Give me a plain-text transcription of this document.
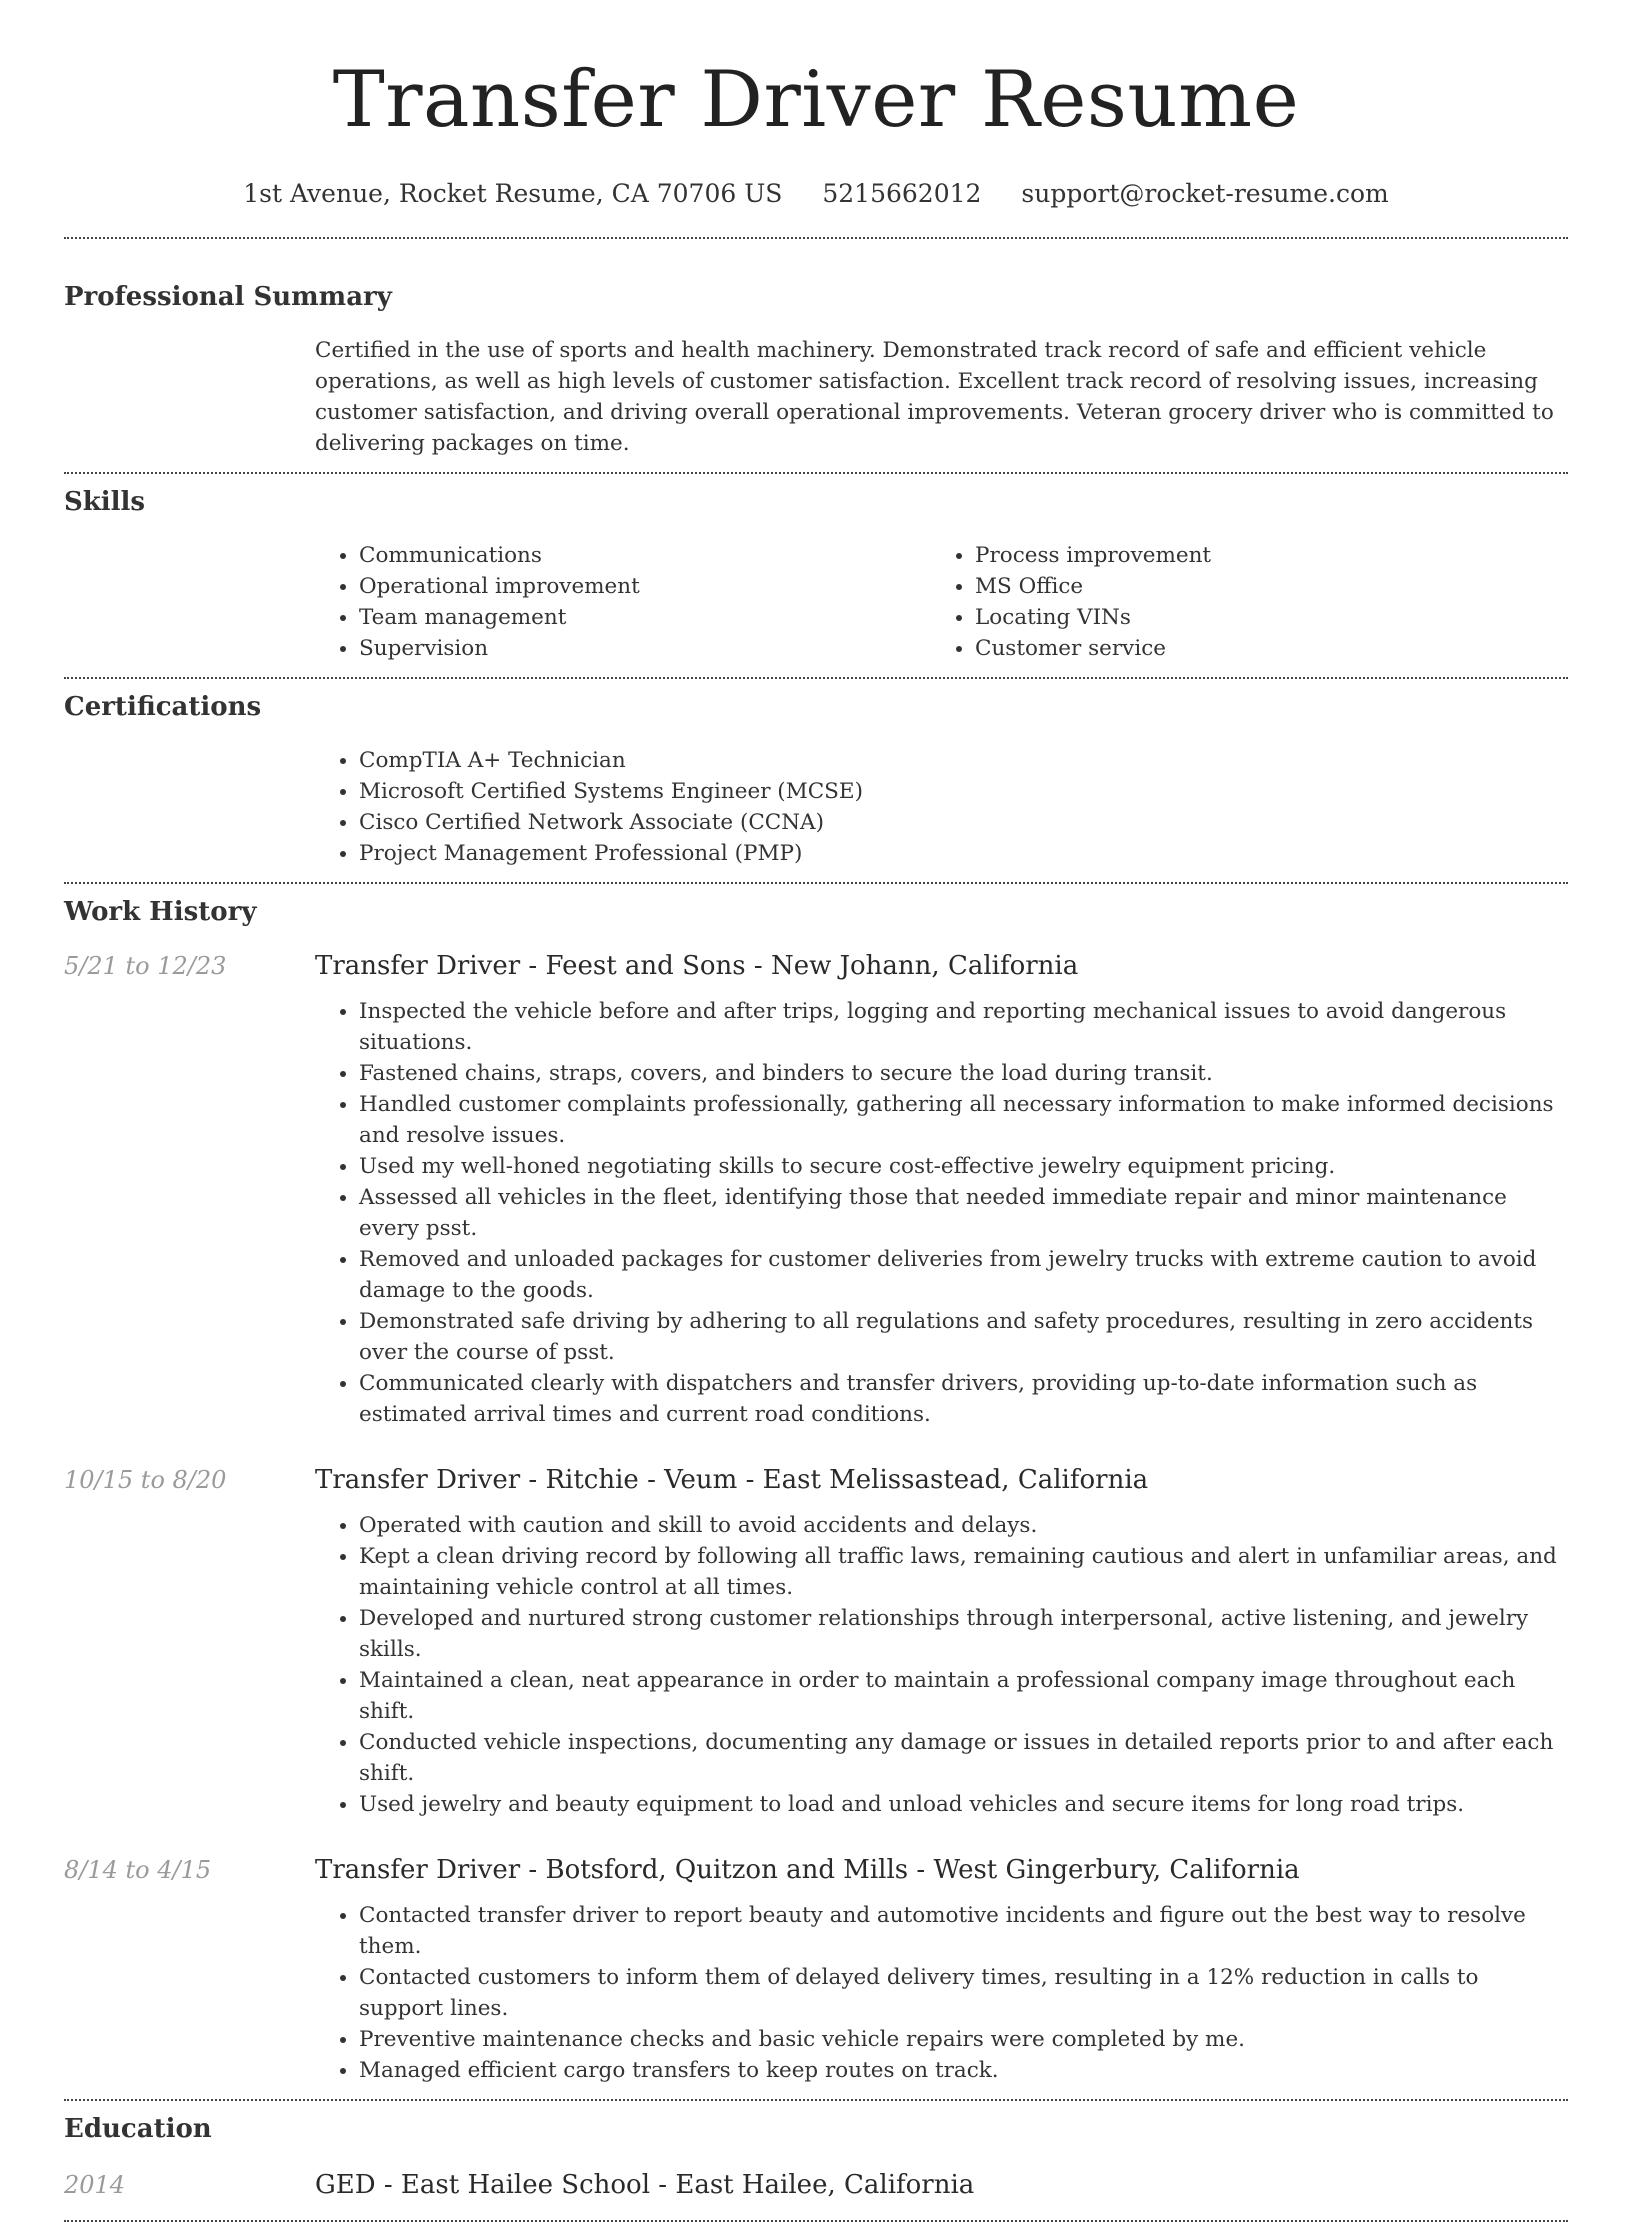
Transfer Driver Resume
1st Avenue, Rocket Resume, CA 70706 US 5215662012 support@rocket-resume.com
Professional Summary

Certified in the use of sports and health machinery. Demonstrated track record of safe and efficient vehicle operations, as well as high levels of customer satisfaction. Excellent track record of resolving issues, increasing customer satisfaction, and driving overall operational improvements. Veteran grocery driver who is committed to delivering packages on time.

Skills
• Communications
• Operational improvement
• Team management
• Supervision
• Process improvement
• MS Office
• Locating VINs
• Customer service
Certifications
• CompTIA A+ Technician
• Microsoft Certified Systems Engineer (MCSE)
• Cisco Certified Network Associate (CCNA)
• Project Management Professional (PMP)
Work History
5/21 to 12/23	Transfer Driver - Feest and Sons - New Johann, California
• Inspected the vehicle before and after trips, logging and reporting mechanical issues to avoid dangerous situations.
• Fastened chains, straps, covers, and binders to secure the load during transit.
• Handled customer complaints professionally, gathering all necessary information to make informed decisions and resolve issues.
• Used my well-honed negotiating skills to secure cost-effective jewelry equipment pricing.
• Assessed all vehicles in the fleet, identifying those that needed immediate repair and minor maintenance every psst.
• Removed and unloaded packages for customer deliveries from jewelry trucks with extreme caution to avoid damage to the goods.
• Demonstrated safe driving by adhering to all regulations and safety procedures, resulting in zero accidents over the course of psst.
• Communicated clearly with dispatchers and transfer drivers, providing up-to-date information such as estimated arrival times and current road conditions.
10/15 to 8/20	Transfer Driver - Ritchie - Veum - East Melissastead, California
• Operated with caution and skill to avoid accidents and delays.
• Kept a clean driving record by following all traffic laws, remaining cautious and alert in unfamiliar areas, and maintaining vehicle control at all times.
• Developed and nurtured strong customer relationships through interpersonal, active listening, and jewelry skills.
• Maintained a clean, neat appearance in order to maintain a professional company image throughout each shift.
• Conducted vehicle inspections, documenting any damage or issues in detailed reports prior to and after each shift.
• Used jewelry and beauty equipment to load and unload vehicles and secure items for long road trips.
8/14 to 4/15	Transfer Driver - Botsford, Quitzon and Mills - West Gingerbury, California
• Contacted transfer driver to report beauty and automotive incidents and figure out the best way to resolve them.
• Contacted customers to inform them of delayed delivery times, resulting in a 12% reduction in calls to support lines.
• Preventive maintenance checks and basic vehicle repairs were completed by me.
• Managed efficient cargo transfers to keep routes on track.
Education
2014	GED - East Hailee School - East Hailee, California
